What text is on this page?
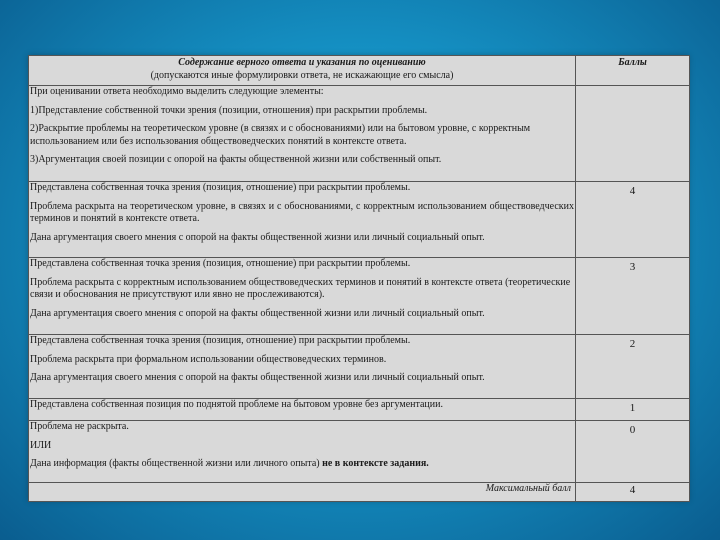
Содержание верного ответа и указания по оцениванию
(допускаются иные формулировки ответа, не искажающие его смысла)	Баллы

При оценивании ответа необходимо выделить следующие элементы:

1)Представление собственной точки зрения (позиции, отношения) при раскрытии проблемы.

2)Раскрытие проблемы на теоретическом уровне (в связях и с обоснованиями) или на бытовом уровне, с корректным использованием или без использования обществоведческих понятий в контексте ответа.

3)Аргументация своей позиции с опорой на факты общественной жизни или собственный опыт.	

Представлена собственная точка зрения (позиция, отношение) при раскрытии проблемы.

Проблема раскрыта на теоретическом уровне, в связях и с обоснованиями, с корректным использованием обществоведческих терминов и понятий в контексте ответа.

Дана аргументация своего мнения с опорой на факты общественной жизни или личный социальный опыт.	4

Представлена собственная точка зрения (позиция, отношение) при раскрытии проблемы.

Проблема раскрыта с корректным использованием обществоведческих терминов и понятий в контексте ответа (теоретические связи и обоснования не присутствуют или явно не прослеживаются).

Дана аргументация своего мнения с опорой на факты общественной жизни или личный социальный опыт.	3

Представлена собственная точка зрения (позиция, отношение) при раскрытии проблемы.

Проблема раскрыта при формальном использовании обществоведческих терминов.

Дана аргументация своего мнения с опорой на факты общественной жизни или личный социальный опыт.	2

Представлена собственная позиция по поднятой проблеме на бытовом уровне без аргументации.	1

Проблема не раскрыта.

ИЛИ

Дана информация (факты общественной жизни или личного опыта) не в контексте задания.	0
Максимальный балл	4
